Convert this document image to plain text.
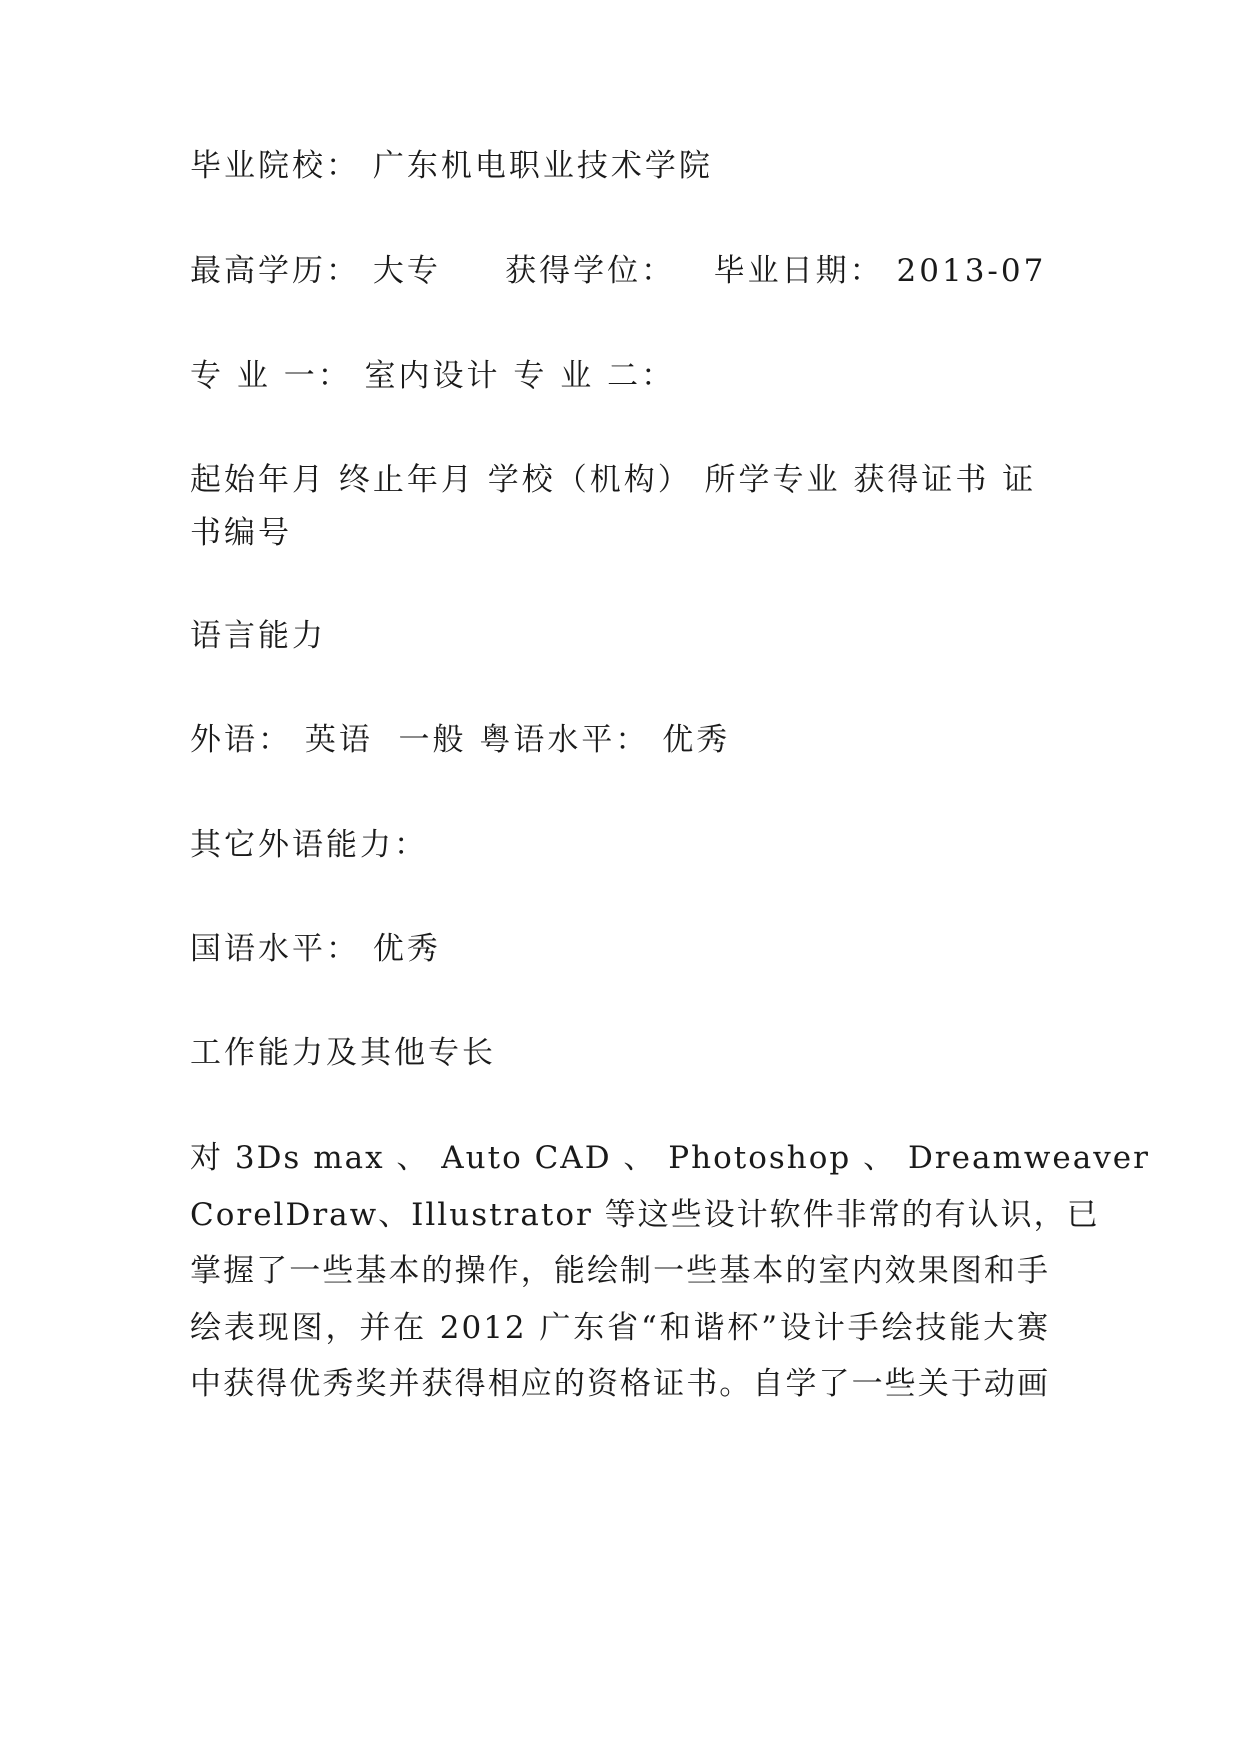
毕业院校： 广东机电职业技术学院

最高学历： 大专     获得学位：   毕业日期： 2013-07

专 业 一： 室内设计 专 业 二：

起始年月 终止年月 学校（机构） 所学专业 获得证书 证

书编号

语言能力

外语： 英语  一般 粤语水平： 优秀

其它外语能力：

国语水平： 优秀

工作能力及其他专长

对 3Ds max 、 Auto CAD 、 Photoshop 、 Dreamweaver
CorelDraw、Illustrator 等这些设计软件非常的有认识，已
掌握了一些基本的操作，能绘制一些基本的室内效果图和手
绘表现图，并在 2012 广东省“和谐杯”设计手绘技能大赛
中获得优秀奖并获得相应的资格证书。自学了一些关于动画
